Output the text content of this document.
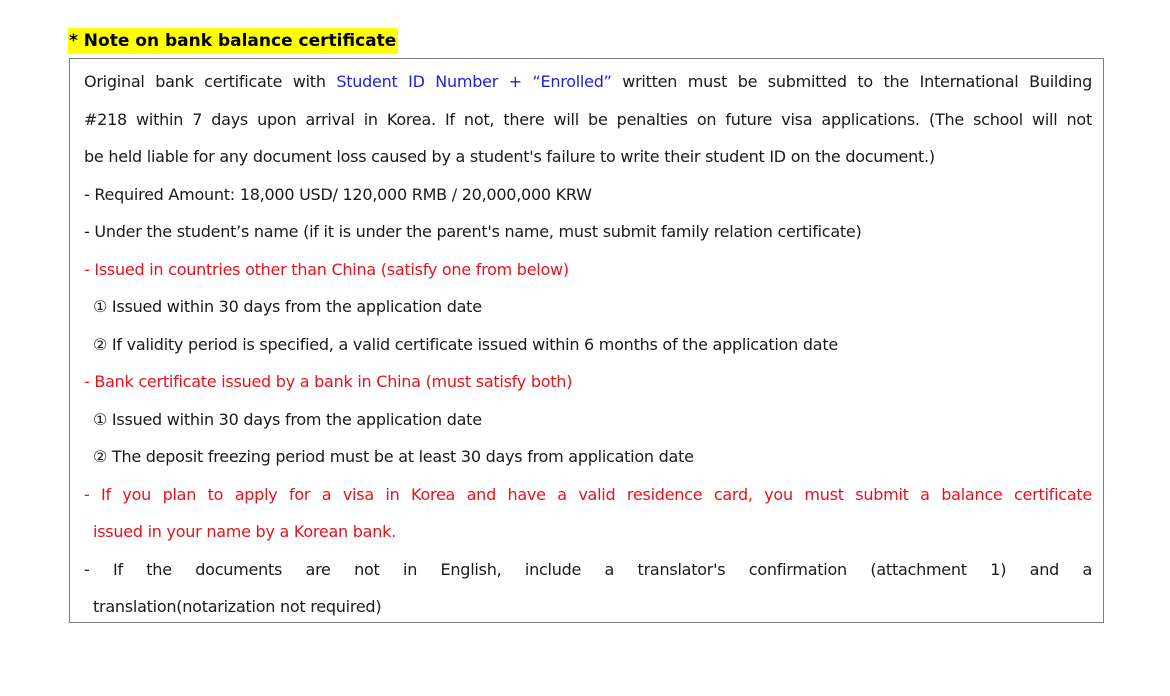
* Note on bank balance certificate
Original bank certificate with Student ID Number + “Enrolled” written must be submitted to the International Building
#218 within 7 days upon arrival in Korea. If not, there will be penalties on future visa applications. (The school will not
be held liable for any document loss caused by a student's failure to write their student ID on the document.)
- Required Amount: 18,000 USD/ 120,000 RMB / 20,000,000 KRW
- Under the student’s name (if it is under the parent's name, must submit family relation certificate)
- Issued in countries other than China (satisfy one from below)
① Issued within 30 days from the application date
② If validity period is specified, a valid certificate issued within 6 months of the application date
- Bank certificate issued by a bank in China (must satisfy both)
① Issued within 30 days from the application date
② The deposit freezing period must be at least 30 days from application date
- If you plan to apply for a visa in Korea and have a valid residence card, you must submit a balance certificate
issued in your name by a Korean bank.
- If the documents are not in English, include a translator's confirmation (attachment 1) and a
translation(notarization not required)
